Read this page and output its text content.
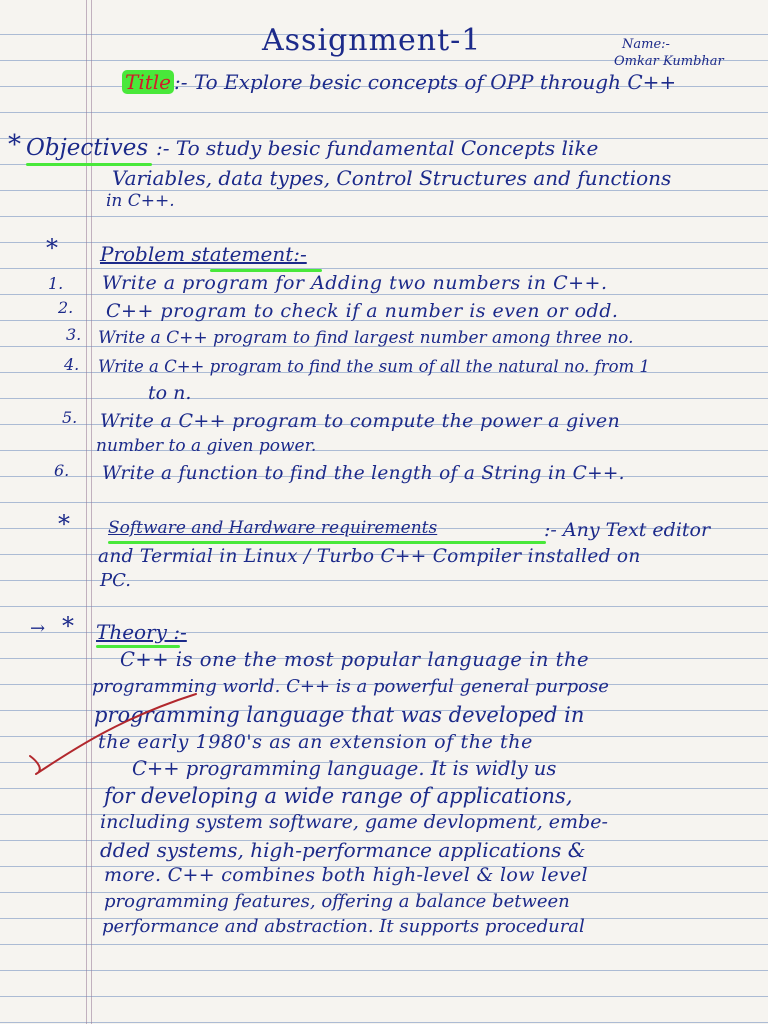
Assignment-1	Name:-
Omkar Kumbhar
Title :- To Explore besic concepts of OPP through C++
* Objectives :- To study besic fundamental Concepts like
Variables, data types, Control Structures and functions
in C++.
* Problem statement:-
1.	Write a program for Adding two numbers in C++.
2.	C++ program to check if a number is even or odd.
3. Write a C++ program to find largest number among three no.
4.	Write a C++ program to find the sum of all the natural no. from 1
to n.
5.	Write a C++ program to compute the power a given
number to a given power.
6.	Write a function to find the length of a String in C++.
* Software and Hardware requirements	:- Any Text editor
and Termial in Linux / Turbo C++ Compiler installed on
PC.
→ * Theory :-
C++ is one the most popular language in the
programming world. C++ is a powerful general purpose
programming language that was developed in
the early 1980's as an extension of the the
C++ programming language. It is widly us
for developing a wide range of applications,
including system software, game devlopment, embe-
dded systems, high-performance applications &
more. C++ combines both high-level & low level
programming features, offering a balance between
performance and abstraction. It supports procedural
